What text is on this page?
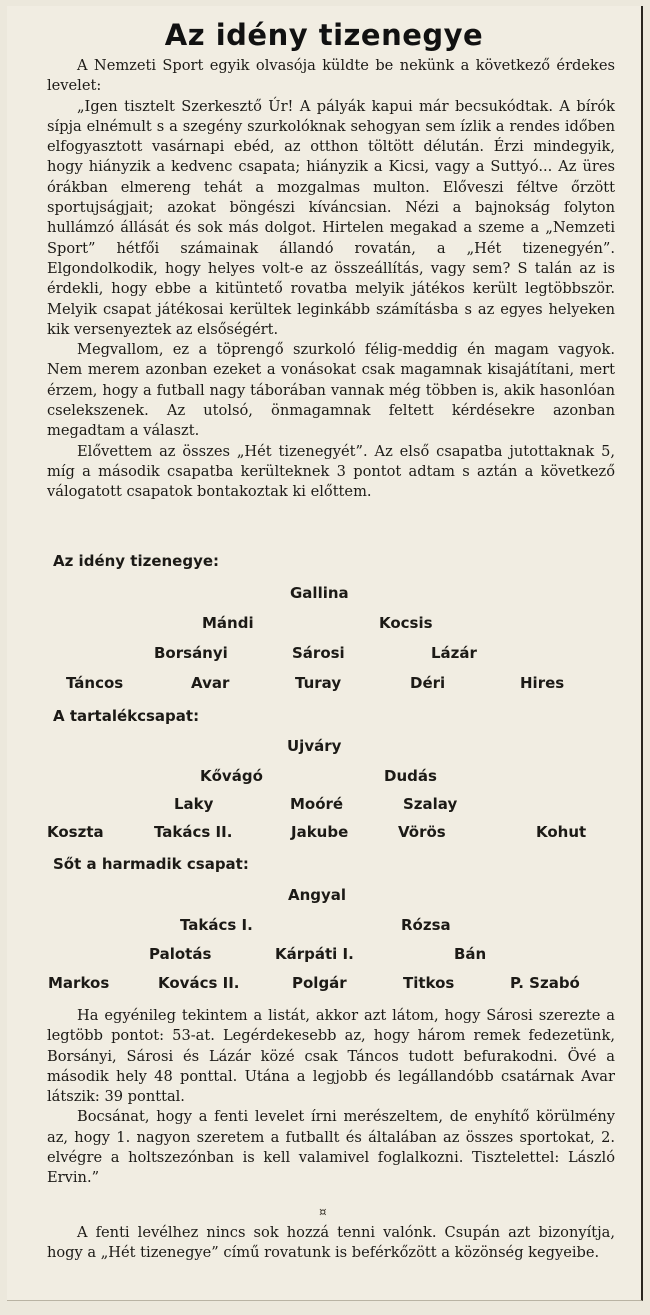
Az idény tizenegye

A Nemzeti Sport egyik olvasója küldte be nekünk a következő érdekes levelet:

„Igen tisztelt Szerkesztő Úr! A pályák kapui már becsukódtak. A bírók sípja elnémult s a szegény szurkolóknak sehogyan sem ízlik a rendes időben elfogyasztott vasárnapi ebéd, az otthon töltött délután. Érzi mindegyik, hogy hiányzik a kedvenc csapata; hiányzik a Kicsi, vagy a Suttyó... Az üres órákban elmereng tehát a mozgalmas multon. Előveszi féltve őrzött sportujságjait; azokat böngészi kíváncsian. Nézi a bajnokság folyton hullámzó állását és sok más dolgot. Hirtelen megakad a szeme a „Nemzeti Sport” hétfői számainak állandó rovatán, a „Hét tizenegyén”. Elgondolkodik, hogy helyes volt-e az összeállítás, vagy sem? S talán az is érdekli, hogy ebbe a kitüntető rovatba melyik játékos került legtöbbször. Melyik csapat játékosai kerültek leginkább számításba s az egyes helyeken kik versenyeztek az elsőségért.

Megvallom, ez a töprengő szurkoló félig-meddig én magam vagyok. Nem merem azonban ezeket a vonásokat csak magamnak kisajátítani, mert érzem, hogy a futball nagy táborában vannak még többen is, akik hasonlóan cselekszenek. Az utolsó, önmagamnak feltett kérdésekre azonban megadtam a választ.

Elővettem az összes „Hét tizenegyét”. Az első csapatba jutottaknak 5, míg a második csapatba kerülteknek 3 pontot adtam s aztán a következő válogatott csapatok bontakoztak ki előttem.

Az idény tizenegye:
Gallina
Mándi	Kocsis
Borsányi	Sárosi	Lázár
Táncos	Avar	Turay	Déri	Hires
A tartalékcsapat:
Ujváry
Kővágó	Dudás
Laky	Moóré	Szalay
Koszta	Takács II.	Jakube	Vörös	Kohut
Sőt a harmadik csapat:
Angyal
Takács I.	Rózsa
Palotás	Kárpáti I.	Bán
Markos	Kovács II.	Polgár	Titkos	P. Szabó

Ha egyénileg tekintem a listát, akkor azt látom, hogy Sárosi szerezte a legtöbb pontot: 53-at. Legérdekesebb az, hogy három remek fedezetünk, Borsányi, Sárosi és Lázár közé csak Táncos tudott befurakodni. Övé a második hely 48 ponttal. Utána a legjobb és legállandóbb csatárnak Avar látszik: 39 ponttal.

Bocsánat, hogy a fenti levelet írni merészeltem, de enyhítő körülmény az, hogy 1. nagyon szeretem a futballt és általában az összes sportokat, 2. elvégre a holtszezónban is kell valamivel foglalkozni. Tisztelettel: László Ervin.”

¤

A fenti levélhez nincs sok hozzá tenni valónk. Csupán azt bizonyítja, hogy a „Hét tizenegye” című rovatunk is beférkőzött a közönség kegyeibe.
